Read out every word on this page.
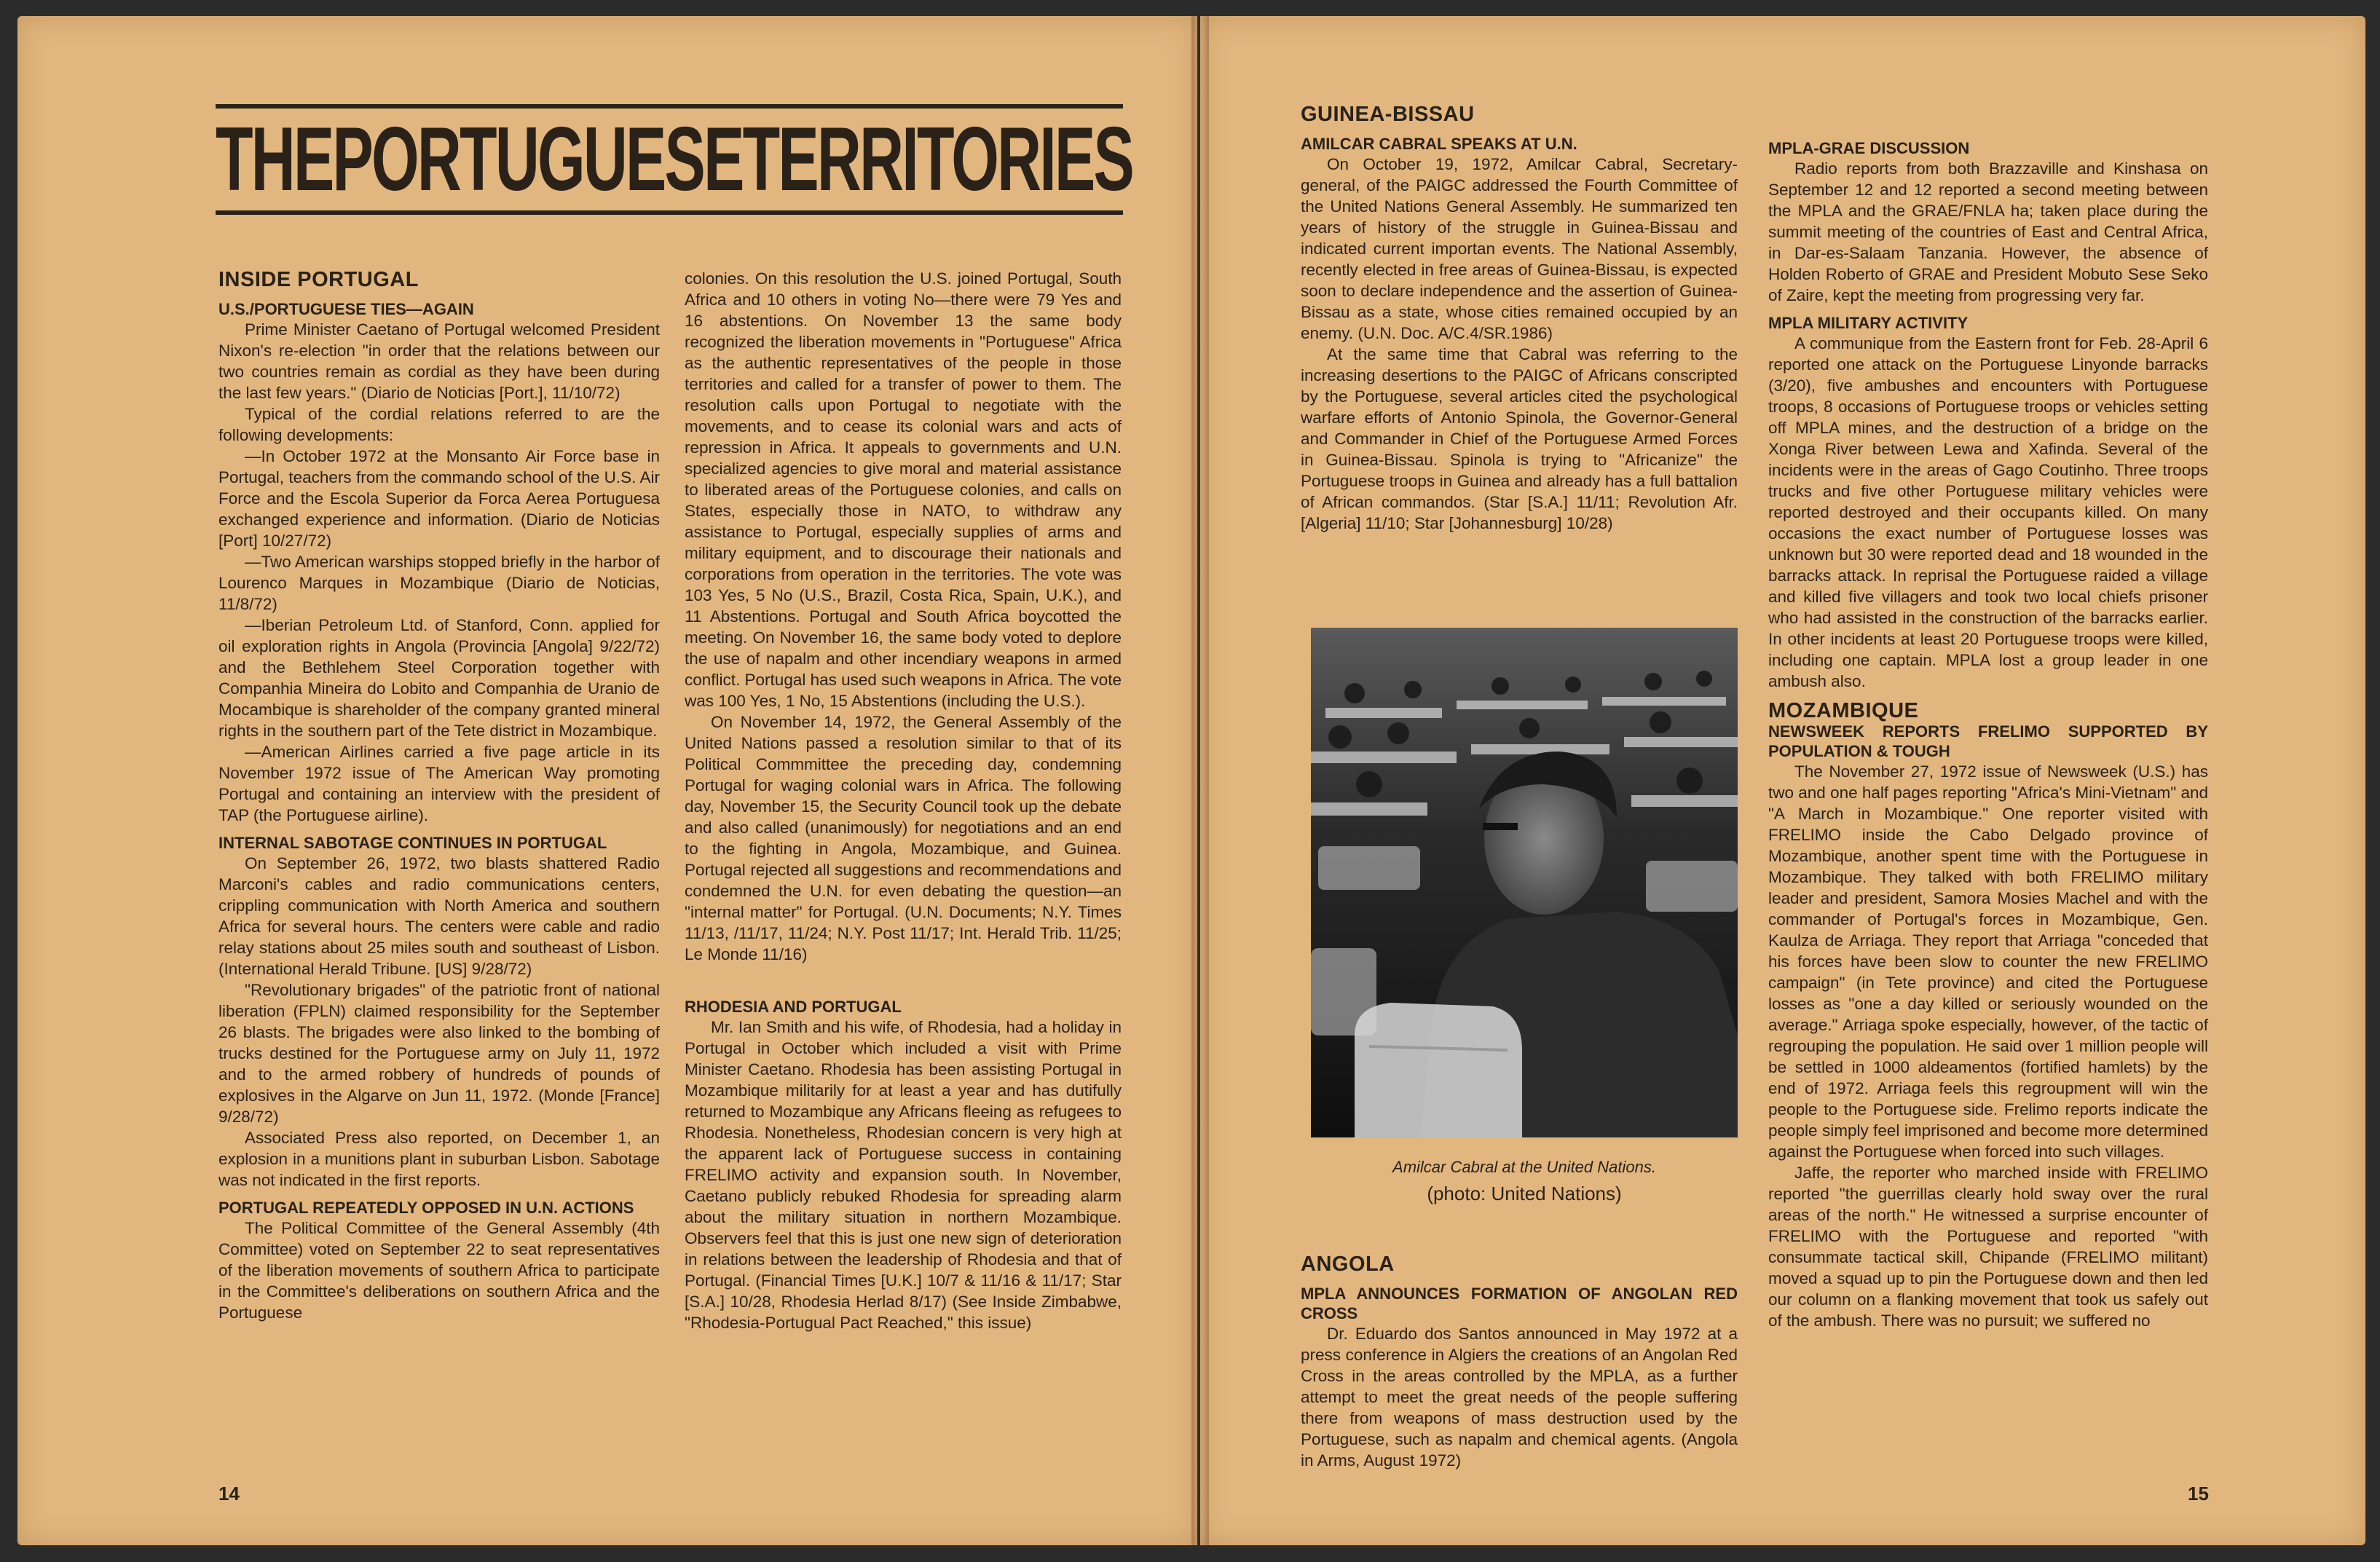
THE PORTUGUESE TERRITORIES
INSIDE PORTUGAL
U.S./PORTUGUESE TIES—AGAIN

Prime Minister Caetano of Portugal welcomed President Nixon's re-election "in order that the relations between our two countries remain as cordial as they have been during the last few years." (Diario de Noticias [Port.], 11/10/72)

Typical of the cordial relations referred to are the following developments:

—In October 1972 at the Monsanto Air Force base in Portugal, teachers from the commando school of the U.S. Air Force and the Escola Superior da Forca Aerea Portuguesa exchanged experience and information. (Diario de Noticias [Port] 10/27/72)

—Two American warships stopped briefly in the harbor of Lourenco Marques in Mozambique (Diario de Noticias, 11/8/72)

—Iberian Petroleum Ltd. of Stanford, Conn. applied for oil exploration rights in Angola (Provincia [Angola] 9/22/72) and the Bethlehem Steel Corporation together with Companhia Mineira do Lobito and Companhia de Uranio de Mocambique is shareholder of the company granted mineral rights in the southern part of the Tete district in Mozambique.

—American Airlines carried a five page article in its November 1972 issue of The American Way promoting Portugal and containing an interview with the president of TAP (the Portuguese airline).

INTERNAL SABOTAGE CONTINUES IN PORTUGAL

On September 26, 1972, two blasts shattered Radio Marconi's cables and radio communications centers, crippling communication with North America and southern Africa for several hours. The centers were cable and radio relay stations about 25 miles south and southeast of Lisbon. (International Herald Tribune. [US] 9/28/72)

"Revolutionary brigades" of the patriotic front of national liberation (FPLN) claimed responsibility for the September 26 blasts. The brigades were also linked to the bombing of trucks destined for the Portuguese army on July 11, 1972 and to the armed robbery of hundreds of pounds of explosives in the Algarve on Jun 11, 1972. (Monde [France] 9/28/72)

Associated Press also reported, on December 1, an explosion in a munitions plant in suburban Lisbon. Sabotage was not indicated in the first reports.

PORTUGAL REPEATEDLY OPPOSED IN U.N. ACTIONS

The Political Committee of the General Assembly (4th Committee) voted on September 22 to seat representatives of the liberation movements of southern Africa to participate in the Committee's deliberations on southern Africa and the Portuguese

colonies. On this resolution the U.S. joined Portugal, South Africa and 10 others in voting No—there were 79 Yes and 16 abstentions. On November 13 the same body recognized the liberation movements in "Portuguese" Africa as the authentic representatives of the people in those territories and called for a transfer of power to them. The resolution calls upon Portugal to negotiate with the movements, and to cease its colonial wars and acts of repression in Africa. It appeals to governments and U.N. specialized agencies to give moral and material assistance to liberated areas of the Portuguese colonies, and calls on States, especially those in NATO, to withdraw any assistance to Portugal, especially supplies of arms and military equipment, and to discourage their nationals and corporations from operation in the territories. The vote was 103 Yes, 5 No (U.S., Brazil, Costa Rica, Spain, U.K.), and 11 Abstentions. Portugal and South Africa boycotted the meeting. On November 16, the same body voted to deplore the use of napalm and other incendiary weapons in armed conflict. Portugal has used such weapons in Africa. The vote was 100 Yes, 1 No, 15 Abstentions (including the U.S.).

On November 14, 1972, the General Assembly of the United Nations passed a resolution similar to that of its Political Commmittee the preceding day, condemning Portugal for waging colonial wars in Africa. The following day, November 15, the Security Council took up the debate and also called (unanimously) for negotiations and an end to the fighting in Angola, Mozambique, and Guinea. Portugal rejected all suggestions and recommendations and condemned the U.N. for even debating the question—an "internal matter" for Portugal. (U.N. Documents; N.Y. Times 11/13, /11/17, 11/24; N.Y. Post 11/17; Int. Herald Trib. 11/25; Le Monde 11/16)

RHODESIA AND PORTUGAL

Mr. Ian Smith and his wife, of Rhodesia, had a holiday in Portugal in October which included a visit with Prime Minister Caetano. Rhodesia has been assisting Portugal in Mozambique militarily for at least a year and has dutifully returned to Mozambique any Africans fleeing as refugees to Rhodesia. Nonetheless, Rhodesian concern is very high at the apparent lack of Portuguese success in containing FRELIMO activity and expansion south. In November, Caetano publicly rebuked Rhodesia for spreading alarm about the military situation in northern Mozambique. Observers feel that this is just one new sign of deterioration in relations between the leadership of Rhodesia and that of Portugal. (Financial Times [U.K.] 10/7 & 11/16 & 11/17; Star [S.A.] 10/28, Rhodesia Herlad 8/17) (See Inside Zimbabwe, "Rhodesia-Portugual Pact Reached," this issue)

GUINEA-BISSAU
AMILCAR CABRAL SPEAKS AT U.N.

On October 19, 1972, Amilcar Cabral, Secretary-general, of the PAIGC addressed the Fourth Committee of the United Nations General Assembly. He summarized ten years of history of the struggle in Guinea-Bissau and indicated current importan events. The National Assembly, recently elected in free areas of Guinea-Bissau, is expected soon to declare independence and the assertion of Guinea-Bissau as a state, whose cities remained occupied by an enemy. (U.N. Doc. A/C.4/SR.1986)

At the same time that Cabral was referring to the increasing desertions to the PAIGC of Africans conscripted by the Portuguese, several articles cited the psychological warfare efforts of Antonio Spinola, the Governor-General and Commander in Chief of the Portuguese Armed Forces in Guinea-Bissau. Spinola is trying to "Africanize" the Portuguese troops in Guinea and already has a full battalion of African commandos. (Star [S.A.] 11/11; Revolution Afr. [Algeria] 11/10; Star [Johannesburg] 10/28)

Amilcar Cabral at the United Nations.
(photo: United Nations)
ANGOLA
MPLA ANNOUNCES FORMATION OF ANGOLAN RED CROSS

Dr. Eduardo dos Santos announced in May 1972 at a press conference in Algiers the creations of an Angolan Red Cross in the areas controlled by the MPLA, as a further attempt to meet the great needs of the people suffering there from weapons of mass destruction used by the Portuguese, such as napalm and chemical agents. (Angola in Arms, August 1972)

MPLA-GRAE DISCUSSION

Radio reports from both Brazzaville and Kinshasa on September 12 and 12 reported a second meeting between the MPLA and the GRAE/FNLA ha; taken place during the summit meeting of the countries of East and Central Africa, in Dar-es-Salaam Tanzania. However, the absence of Holden Roberto of GRAE and President Mobuto Sese Seko of Zaire, kept the meeting from progressing very far.

MPLA MILITARY ACTIVITY

A communique from the Eastern front for Feb. 28-April 6 reported one attack on the Portuguese Linyonde barracks (3/20), five ambushes and encounters with Portuguese troops, 8 occasions of Portuguese troops or vehicles setting off MPLA mines, and the destruction of a bridge on the Xonga River between Lewa and Xafinda. Several of the incidents were in the areas of Gago Coutinho. Three troops trucks and five other Portuguese military vehicles were reported destroyed and their occupants killed. On many occasions the exact number of Portuguese losses was unknown but 30 were reported dead and 18 wounded in the barracks attack. In reprisal the Portuguese raided a village and killed five villagers and took two local chiefs prisoner who had assisted in the construction of the barracks earlier. In other incidents at least 20 Portuguese troops were killed, including one captain. MPLA lost a group leader in one ambush also.

MOZAMBIQUE
NEWSWEEK REPORTS FRELIMO SUPPORTED BY POPULATION & TOUGH

The November 27, 1972 issue of Newsweek (U.S.) has two and one half pages reporting "Africa's Mini-Vietnam" and "A March in Mozambique." One reporter visited with FRELIMO inside the Cabo Delgado province of Mozambique, another spent time with the Portuguese in Mozambique. They talked with both FRELIMO military leader and president, Samora Mosies Machel and with the commander of Portugal's forces in Mozambique, Gen. Kaulza de Arriaga. They report that Arriaga "conceded that his forces have been slow to counter the new FRELIMO campaign" (in Tete province) and cited the Portuguese losses as "one a day killed or seriously wounded on the average." Arriaga spoke especially, however, of the tactic of regrouping the population. He said over 1 million people will be settled in 1000 aldeamentos (fortified hamlets) by the end of 1972. Arriaga feels this regroupment will win the people to the Portuguese side. Frelimo reports indicate the people simply feel imprisoned and become more determined against the Portuguese when forced into such villages.

Jaffe, the reporter who marched inside with FRELIMO reported "the guerrillas clearly hold sway over the rural areas of the north." He witnessed a surprise encounter of FRELIMO with the Portuguese and reported "with consummate tactical skill, Chipande (FRELIMO militant) moved a squad up to pin the Portuguese down and then led our column on a flanking movement that took us safely out of the ambush. There was no pursuit; we suffered no

14	15
